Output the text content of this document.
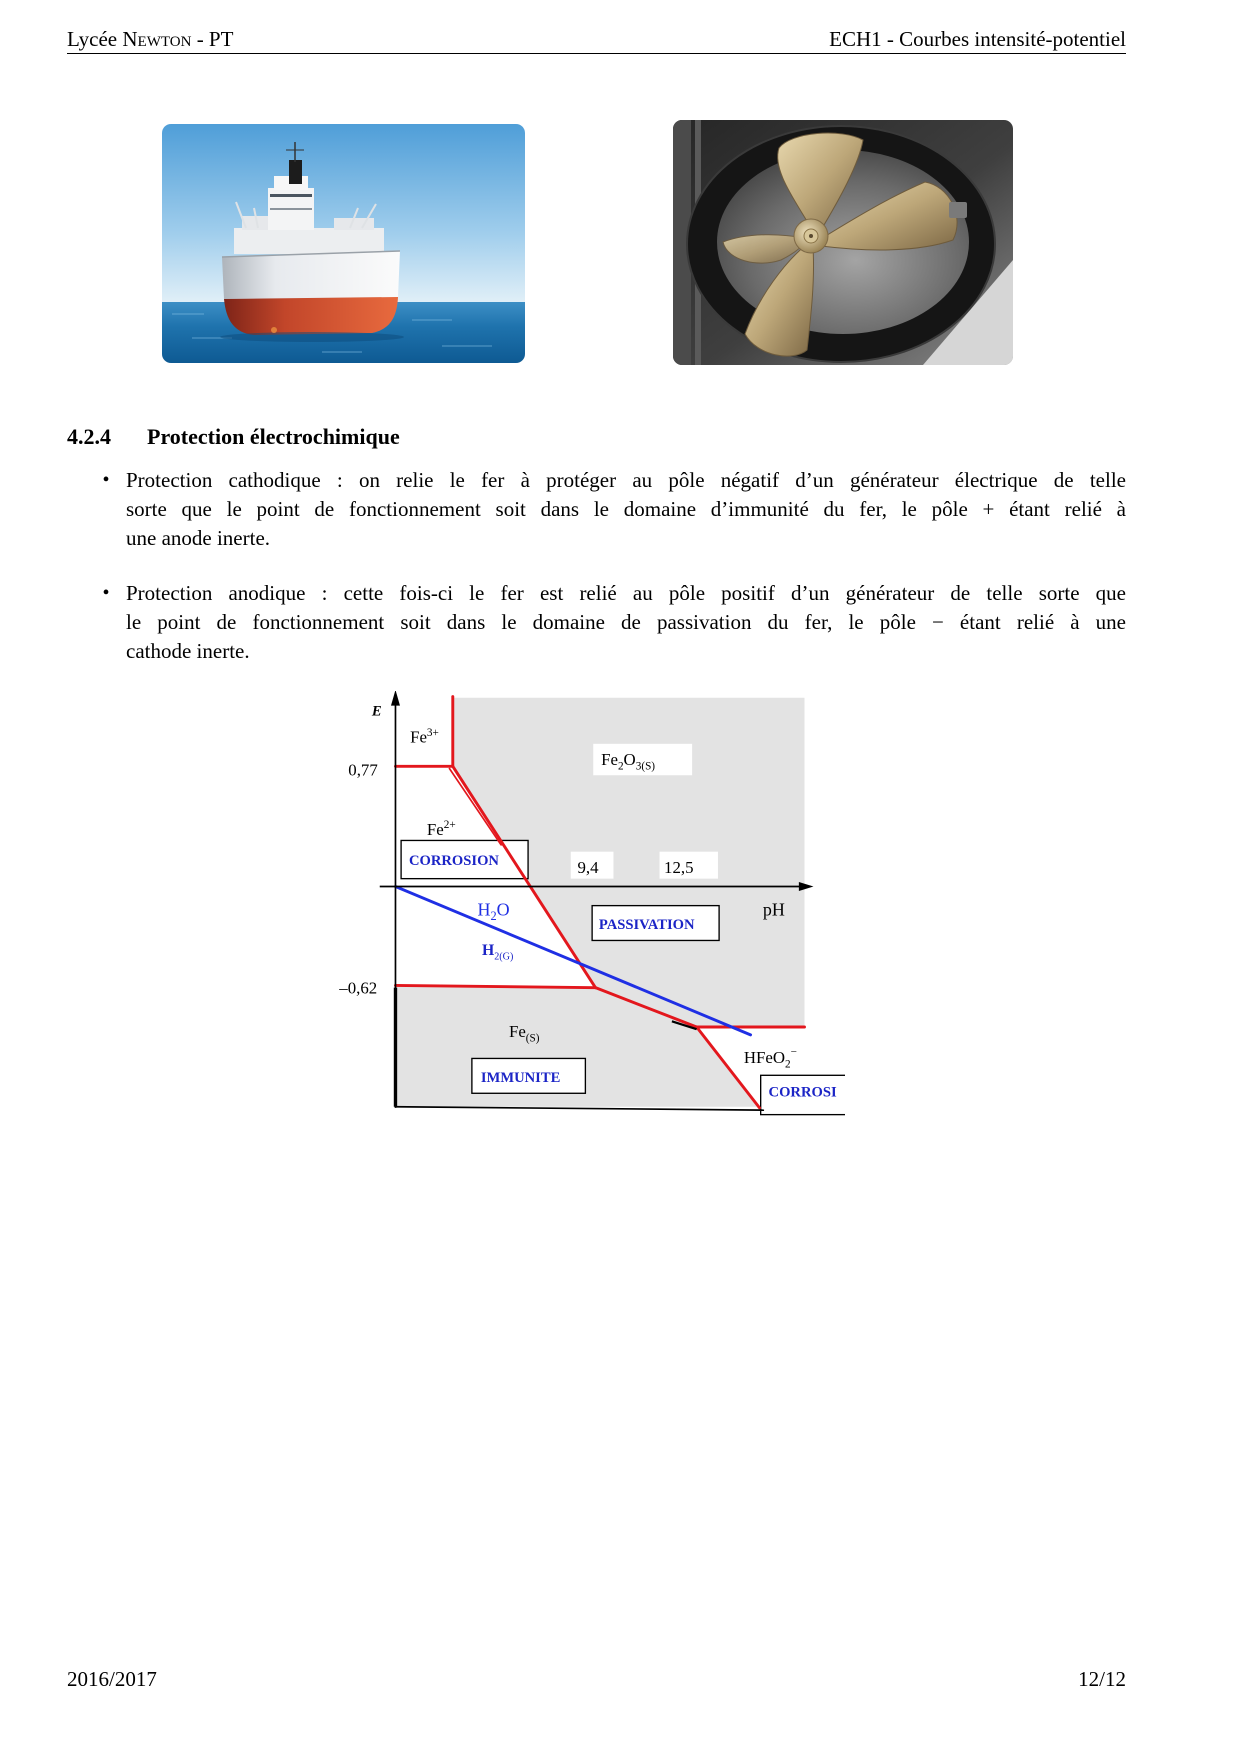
Lycée Newton - PT	ECH1 - Courbes intensité-potentiel
4.2.4 Protection électrochimique
•
Protection cathodique : on relie le fer à protéger au pôle négatif d’un générateur électrique de telle
sorte que le point de fonctionnement soit dans le domaine d’immunité du fer, le pôle + étant relié à
une anode inerte.
•
Protection anodique : cette fois-ci le fer est relié au pôle positif d’un générateur de telle sorte que
le point de fonctionnement soit dans le domaine de passivation du fer, le pôle − étant relié à une
cathode inerte.
E
pH
0,77
–0,62
9,4	12,5
$Fe^{3+}$
$Fe^{2+}$
$Fe_2O_{3(S)}$
$Fe_{(S)}$
HFeO$_2$−
$H_2O$
$H_{2(G)}$
CORROSION
PASSIVATION
IMMUNITE
CORROSI
2016/2017	12/12
